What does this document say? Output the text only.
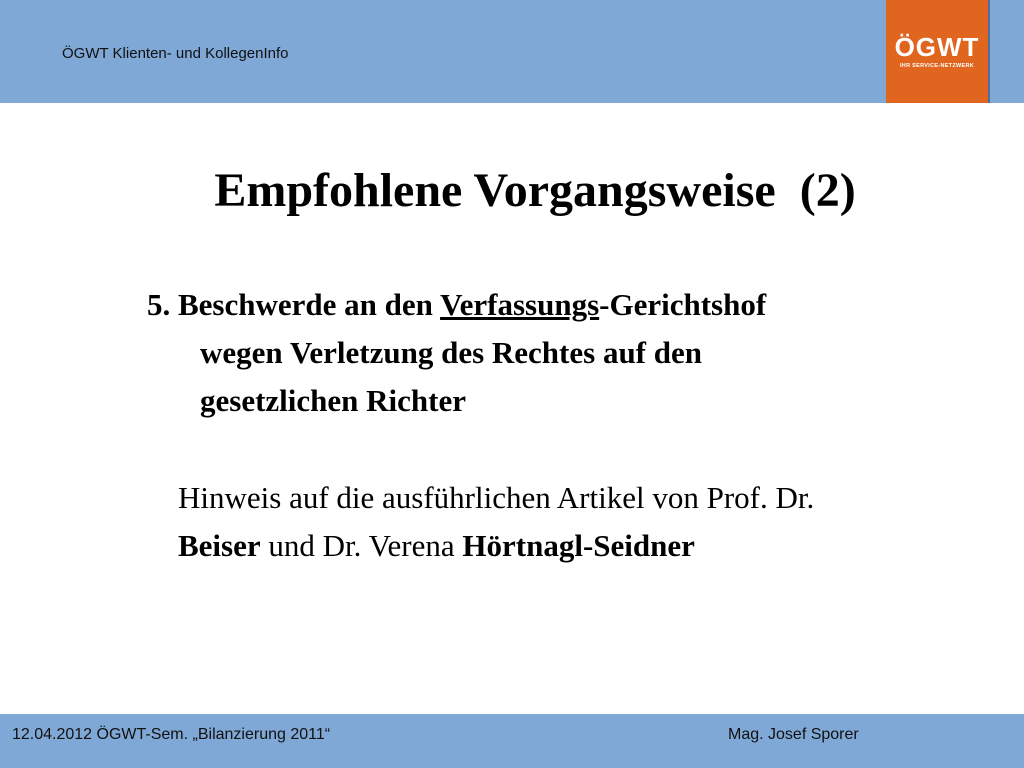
ÖGWT Klienten- und KollegenInfo	ÖGWT
IHR SERVICE-NETZWERK
Empfohlene Vorgangsweise  (2)
5. Beschwerde an den Verfassungs-Gerichtshof
wegen Verletzung des Rechtes auf den
gesetzlichen Richter
Hinweis auf die ausführlichen Artikel von Prof. Dr. Beiser und Dr. Verena Hörtnagl-Seidner
12.04.2012 ÖGWT-Sem. „Bilanzierung 2011“	Mag. Josef Sporer
